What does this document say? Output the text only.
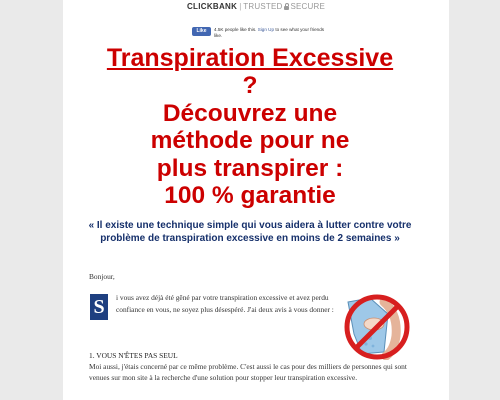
CLICKBANK | TRUSTED SECURE
Like	4.5K people like this. Sign Up to see what your friends like.
Transpiration Excessive
?
Découvrez une
méthode pour ne
plus transpirer :
100 % garantie

« Il existe une technique simple qui vous aidera à lutter contre votre problème de transpiration excessive en moins de 2 semaines »

Bonjour,

S	i vous avez déjà été gêné par votre transpiration excessive et avez perdu confiance en vous, ne soyez plus désespéré. J'ai deux avis à vous donner :

1. VOUS N'ÊTES PAS SEUL

Moi aussi, j'étais concerné par ce même problème. C'est aussi le cas pour des milliers de personnes qui sont venues sur mon site à la recherche d'une solution pour stopper leur transpiration excessive.
